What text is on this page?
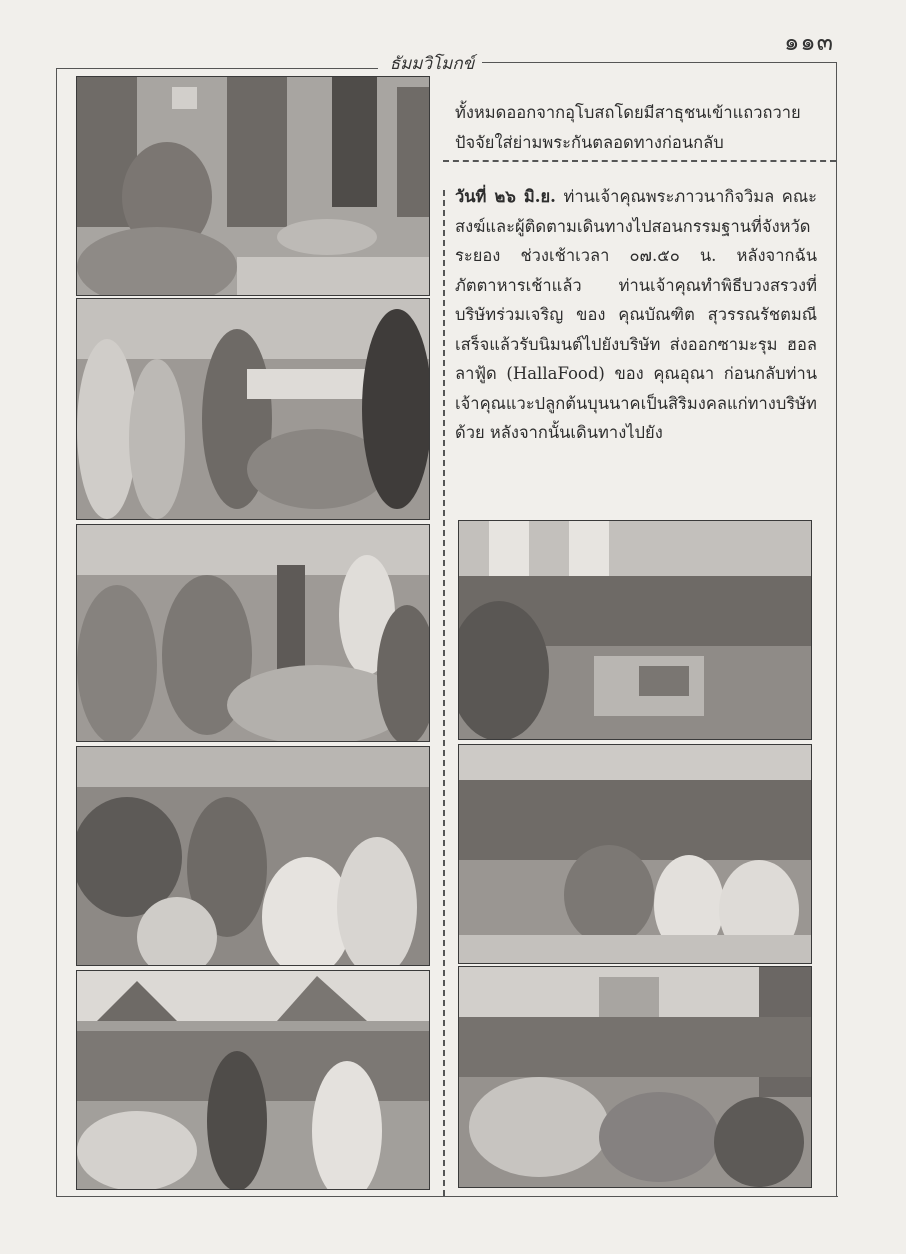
๑๑๓
ธัมมวิโมกข์
ทั้งหมดออกจากอุโบสถโดยมีสาธุชนเข้าแถวถวายปัจจัยใส่ย่ามพระกันตลอดทางก่อนกลับ
วันที่ ๒๖ มิ.ย. ท่านเจ้าคุณพระภาวนากิจวิมล คณะสงฆ์และผู้ติดตามเดินทางไปสอนกรรมฐานที่จังหวัดระยอง ช่วงเช้าเวลา ๐๗.๕๐ น. หลังจากฉันภัตตาหารเช้าแล้ว ท่านเจ้าคุณทำพิธีบวงสรวงที่บริษัทร่วมเจริญ ของ คุณบัณฑิต สุวรรณรัชตมณี เสร็จแล้วรับนิมนต์ไปยังบริษัท ส่งออกซามะรุม ฮอลลาฟู้ด (HallaFood) ของ คุณอุณา ก่อนกลับท่านเจ้าคุณแวะปลูกต้นบุนนาคเป็นสิริมงคลแก่ทางบริษัทด้วย หลังจากนั้นเดินทางไปยัง
